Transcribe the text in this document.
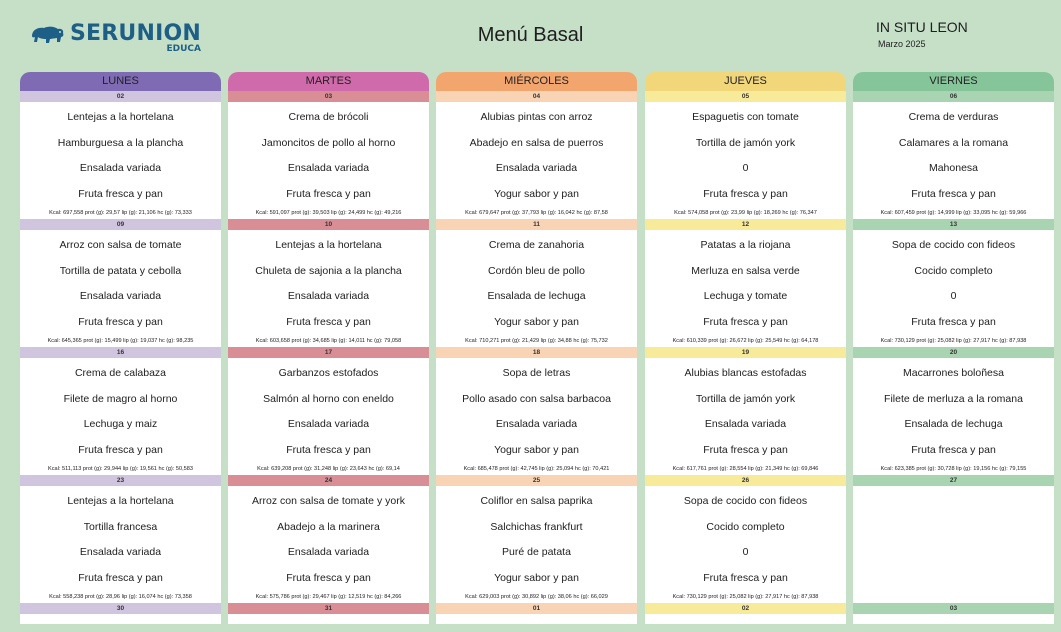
SERUNION
EDUCA
Menú Basal	IN SITU LEON
Marzo 2025
LUNES
02
Lentejas a la hortelana
Hamburguesa a la plancha
Ensalada variada
Fruta fresca y pan
Kcal: 697,558 prot (g): 29,57 lip (g): 21,106 hc (g): 73,333
09
Arroz con salsa de tomate
Tortilla de patata y cebolla
Ensalada variada
Fruta fresca y pan
Kcal: 645,365 prot (g): 15,499 lip (g): 19,037 hc (g): 98,235
16
Crema de calabaza
Filete de magro al horno
Lechuga y maiz
Fruta fresca y pan
Kcal: 511,113 prot (g): 29,944 lip (g): 19,561 hc (g): 50,583
23
Lentejas a la hortelana
Tortilla francesa
Ensalada variada
Fruta fresca y pan
Kcal: 558,238 prot (g): 28,96 lip (g): 16,074 hc (g): 73,358
30
MARTES
03
Crema de brócoli
Jamoncitos de pollo al horno
Ensalada variada
Fruta fresca y pan
Kcal: 591,097 prot (g): 39,503 lip (g): 24,499 hc (g): 49,216
10
Lentejas a la hortelana
Chuleta de sajonia a la plancha
Ensalada variada
Fruta fresca y pan
Kcal: 603,658 prot (g): 34,685 lip (g): 14,011 hc (g): 79,058
17
Garbanzos estofados
Salmón al horno con eneldo
Ensalada variada
Fruta fresca y pan
Kcal: 639,208 prot (g): 31,248 lip (g): 23,643 hc (g): 69,14
24
Arroz con salsa de tomate y york
Abadejo a la marinera
Ensalada variada
Fruta fresca y pan
Kcal: 575,786 prot (g): 29,467 lip (g): 12,519 hc (g): 84,266
31
MIÉRCOLES
04
Alubias pintas con arroz
Abadejo en salsa de puerros
Ensalada variada
Yogur sabor y pan
Kcal: 679,647 prot (g): 37,793 lip (g): 16,042 hc (g): 87,58
11
Crema de zanahoria
Cordón bleu de pollo
Ensalada de lechuga
Yogur sabor y pan
Kcal: 710,271 prot (g): 21,429 lip (g): 34,88 hc (g): 75,732
18
Sopa de letras
Pollo asado con salsa barbacoa
Ensalada variada
Yogur sabor y pan
Kcal: 685,478 prot (g): 42,745 lip (g): 25,094 hc (g): 70,421
25
Coliflor en salsa paprika
Salchichas frankfurt
Puré de patata
Yogur sabor y pan
Kcal: 629,003 prot (g): 30,892 lip (g): 38,06 hc (g): 66,029
01
JUEVES
05
Espaguetis con tomate
Tortilla de jamón york
0
Fruta fresca y pan
Kcal: 574,058 prot (g): 23,99 lip (g): 18,269 hc (g): 76,347
12
Patatas a la riojana
Merluza en salsa verde
Lechuga y tomate
Fruta fresca y pan
Kcal: 610,339 prot (g): 26,672 lip (g): 25,549 hc (g): 64,178
19
Alubias blancas estofadas
Tortilla de jamón york
Ensalada variada
Fruta fresca y pan
Kcal: 617,761 prot (g): 28,554 lip (g): 21,349 hc (g): 69,846
26
Sopa de cocido con fideos
Cocido completo
0
Fruta fresca y pan
Kcal: 730,129 prot (g): 25,082 lip (g): 27,917 hc (g): 87,938
02
VIERNES
06
Crema de verduras
Calamares a la romana
Mahonesa
Fruta fresca y pan
Kcal: 607,459 prot (g): 14,999 lip (g): 33,095 hc (g): 59,966
13
Sopa de cocido con fideos
Cocido completo
0
Fruta fresca y pan
Kcal: 730,129 prot (g): 25,082 lip (g): 27,917 hc (g): 87,938
20
Macarrones boloñesa
Filete de merluza a la romana
Ensalada de lechuga
Fruta fresca y pan
Kcal: 623,385 prot (g): 30,728 lip (g): 19,156 hc (g): 79,155
27
03
